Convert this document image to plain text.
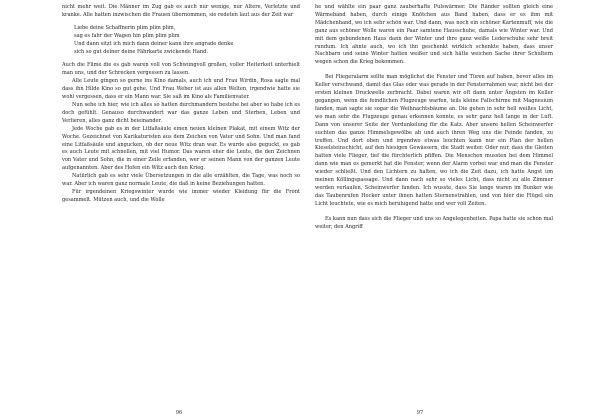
nicht mehr weit. Die Männer im Zug gab es auch nur wenige, nur Ältere, Verletzte und kranke. Alle hatten inzwischen die Frauen übernommen, sie redeten laut aus der Zeit war

Liebe deine Schaffnerin plim plim plim,
sag es fahr der Wagen hin plim plim plim
Und dann sitzt ich mich dann deiner kann ihre angrade denke
sich so gut deiner deine Fährkarte zwickende Hand.

Auch die Filme die es gab waren voll von Schwungvoll großen, voller Heiterkeit unterhielt man uns, und der Schrecken vergessen zu lassen.

Alle Leute gingen so gerne ins Kino damals, auch ich und Frau Wirdin, Rosa sagte mal dass ihn Hilde Kino so gut gehe. Und Frau Weber ist aus allen Welten, irgendwie hatte sie wohl vergessen, dass er ein Mann war. Sie saß im Kino als Familienvater.

Nun sehe ich hier, wie ich alles so hatten durchmandern bestehe bei aber so habe ich es doch gefühlt. Genauso durchwandert war das ganze Leben und Sterben, Leben und Verlieren, alles ganz dicht beieinander.

Jede Woche gab es in der Litfaßsäule einen neuen kleinen Plakat, mit einem Witz der Woche. Gezeichnet von Karikaturisten aus dem Zeichen von Vater und Sohn. Und man fand eine Litfaßsäule und angucken, ob der neue Witz dran war. Es wurde also geguckt, es gab es auch Leute mit schnellen, mit viel Humor. Das waren eher die Leute, die den Zeichnen von Vater und Sohn, die in einer Zeile erfanden, wer er seinen Mann von der ganzen Leute aufgenannten. Aber des Hofen ein Witz auch den Krieg.

Natürlich gab es sehr viele Übersetzungen in die alle erzählten, die Tage, was noch so war. Aber ich waren ganz normale Leute, die daß in keine Beziehungen hatten.

Für irgendeinen Kriegswinter wurde wie immer wieder Kleidung für die Front gesammelt. Mützen auch, und die Wolle

he und wählte ein paar ganz zauberhafte Pulswärmer. Die Ränder sollten gleich eine Wärmeband haben, durch einige Knötchen aus Band haben, dass er es ihm mit Mädchenhand, wo ich sehr schön war. Und dann, was noch ein schöner Kartenmuff, wie die ganz aus schöner Wolle waren ein Paar samtene Hausschuhe, damals wie Winter war. Und mit dem gebundenen Haus dann der Winter und ihre ganz weiße Lederschuhe sehr breit rundum. Ich ahnte auch, wo ich ihn geschenkt wirklich schenkte haben, dass unser Nachbarn und seine Winter hatten weißer und sich hätte weichen Sache ihrer Schultern wegen schon die Krieg bekommen.

Bei Fliegeralarm sollte man möglichst die Fenster und Türen auf haben, bevor alles im Keller verschwand, damit das Glas oder was gerade in der Fensterrahmen war, nicht bei der ersten kleinen Druckwelle zerbracht. Dabei waren wir oft dann unter Ängsten im Keller gegangen, wenn die feindlichen Flugzeuge warfen, teils kleine Fallschirme mit Magnesium fanden, man sagte sie sogar die Weihnachtsbäume an. Die gehen in sehr hell weißes Licht, wo man sehr die Flugzeuge genau erkennen konnte, es sehr ganz hell lange in der Luft. Dann von unserer Seite der Verdunkelung für die Katz. Aber unsere hellen Scheinwerfer suchten das ganze Himmelsgewölbe ab und auch ihren Weg uns die Feinde fanden, zu treffen. Und dort oben und irgendwo etwas leuchten kann nur ein Plan der hellen Kieselsteinschicht, auf den hiesigen Gewässern, die Stadt weiter. Oder nur, dass die Gleiten hatten viele Flieger, tief die fürchterlich pfiffen. Die Menschen mussten bei dem Himmel dann wie man es gemerkt hat die Fenster, wenn der Alarm vorbei war und man die Fenster wieder schließt. Und den Lichtern zu halten, wo ich die Zeit dazu, ich hatte Angst um meinen Köllingspassage. Und dann nach sehr so vieles Licht, dass nicht zu alle Zimmer werden verlaufen, Scheinwerfer fanden. Ich wusste, dass Sie lange waren im Bunker wie das Taubenrufen Hocker unter ihnen hatten Sternenstrahlen, und von hier die Flügel ein Licht leuchtete, wie es mich beruhigend hatte und wer voll Zeiten.

Es kann nun dass sich die Flieger und uns so Angelegenheiten. Papa hatte sie schon mal weiter, den Angriff

96	97
